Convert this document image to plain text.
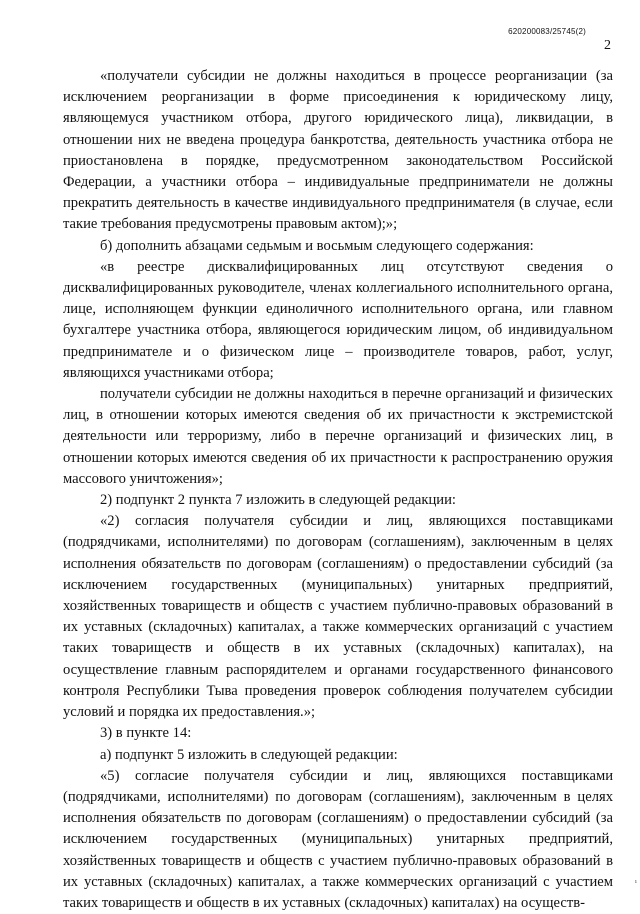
620200083/25745(2)
2

«получатели субсидии не должны находиться в процессе реорганизации (за исключением реорганизации в форме присоединения к юридическому лицу, являющемуся участником отбора, другого юридического лица), ликвидации, в отношении них не введена процедура банкротства, деятельность участника отбора не приостановлена в порядке, предусмотренном законодательством Российской Федерации, а участники отбора – индивидуальные предприниматели не должны прекратить деятельность в качестве индивидуального предпринимателя (в случае, если такие требования предусмотрены правовым актом);»;

б) дополнить абзацами седьмым и восьмым следующего содержания:

«в реестре дисквалифицированных лиц отсутствуют сведения о дисквалифицированных руководителе, членах коллегиального исполнительного органа, лице, исполняющем функции единоличного исполнительного органа, или главном бухгалтере участника отбора, являющегося юридическим лицом, об индивидуальном предпринимателе и о физическом лице – производителе товаров, работ, услуг, являющихся участниками отбора;

получатели субсидии не должны находиться в перечне организаций и физических лиц, в отношении которых имеются сведения об их причастности к экстремистской деятельности или терроризму, либо в перечне организаций и физических лиц, в отношении которых имеются сведения об их причастности к распространению оружия массового уничтожения»;

2) подпункт 2 пункта 7 изложить в следующей редакции:

«2) согласия получателя субсидии и лиц, являющихся поставщиками (подрядчиками, исполнителями) по договорам (соглашениям), заключенным в целях исполнения обязательств по договорам (соглашениям) о предоставлении субсидий (за исключением государственных (муниципальных) унитарных предприятий, хозяйственных товариществ и обществ с участием публично-правовых образований в их уставных (складочных) капиталах, а также коммерческих организаций с участием таких товариществ и обществ в их уставных (складочных) капиталах), на осуществление главным распорядителем и органами государственного финансового контроля Республики Тыва проведения проверок соблюдения получателем субсидии условий и порядка их предоставления.»;

3) в пункте 14:

а) подпункт 5 изложить в следующей редакции:

«5) согласие получателя субсидии и лиц, являющихся поставщиками (подрядчиками, исполнителями) по договорам (соглашениям), заключенным в целях исполнения обязательств по договорам (соглашениям) о предоставлении субсидий (за исключением государственных (муниципальных) унитарных предприятий, хозяйственных товариществ и обществ с участием публично-правовых образований в их уставных (складочных) капиталах, а также коммерческих организаций с участием таких товариществ и обществ в их уставных (складочных) капиталах) на осуществ-

¹
